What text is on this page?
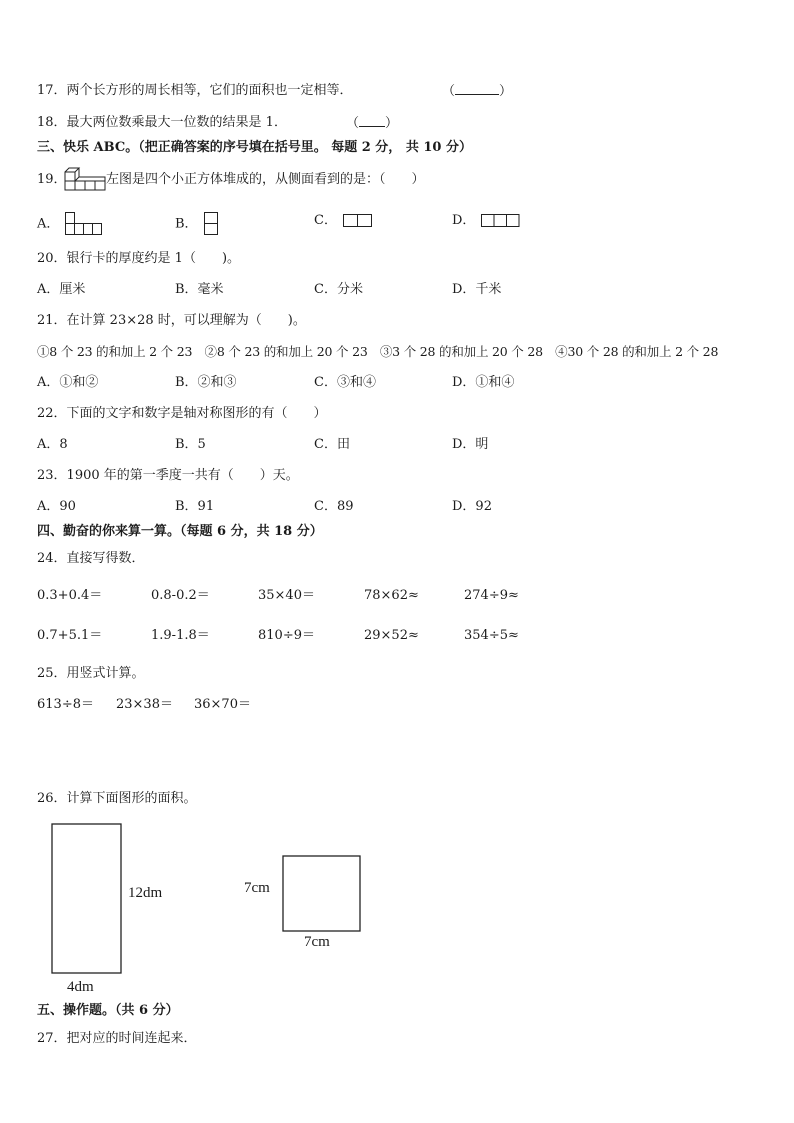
17．两个长方形的周长相等，它们的面积也一定相等．	（	）
18．最大两位数乘最大一位数的结果是 1．	（ ）
三、快乐 ABC。（把正确答案的序号填在括号里。 每题 2 分， 共 10 分）
19．	左图是四个小正方体堆成的，从侧面看到的是：（　　）
A．	B．	C．	D．
20．银行卡的厚度约是 1（　　)。
A．厘米	B．毫米	C．分米	D．千米
21．在计算 23×28 时，可以理解为（　　)。
①8 个 23 的和加上 2 个 23　②8 个 23 的和加上 20 个 23　③3 个 28 的和加上 20 个 28　④30 个 28 的和加上 2 个 28
A．①和②	B．②和③	C．③和④	D．①和④
22．下面的文字和数字是轴对称图形的有（　　）
A．8	B．5	C．田	D．明
23．1900 年的第一季度一共有（　　）天。
A．90	B．91	C．89	D．92
四、勤奋的你来算一算。（每题 6 分，共 18 分）
24．直接写得数．
0.3+0.4＝	0.8-0.2＝	35×40＝	78×62≈	274÷9≈
0.7+5.1＝	1.9-1.8＝	810÷9＝	29×52≈	354÷5≈
25．用竖式计算。
613÷8＝ 23×38＝ 36×70＝
26．计算下面图形的面积。
12dm
4dm
7cm
7cm
五、操作题。（共 6 分）
27．把对应的时间连起来．
